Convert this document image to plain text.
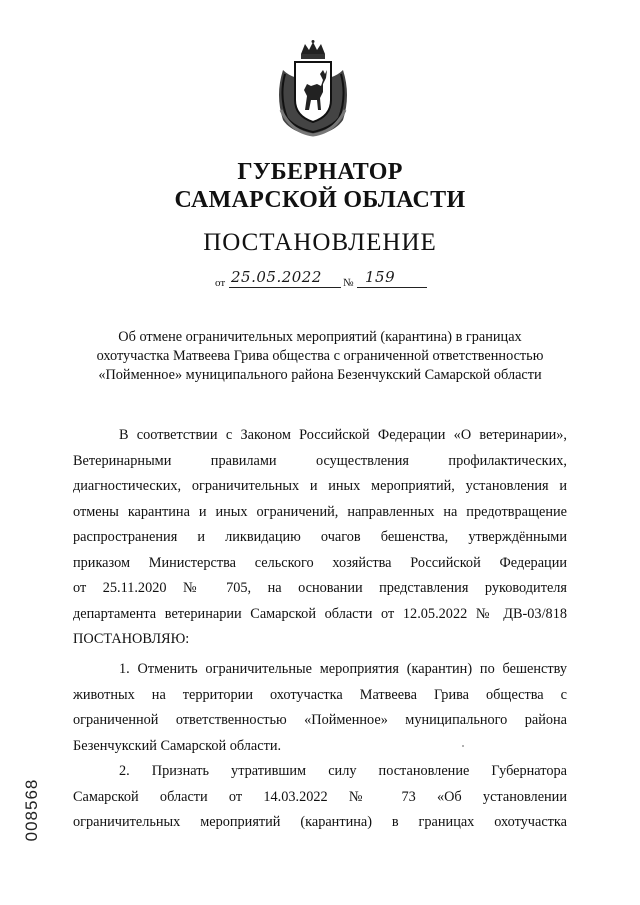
ГУБЕРНАТОР
САМАРСКОЙ ОБЛАСТИ
ПОСТАНОВЛЕНИЕ
от 25.05.2022 № 159
Об отмене ограничительных мероприятий (карантина) в границах
охотучастка Матвеева Грива общества с ограниченной ответственностью
«Пойменное» муниципального района Безенчукский Самарской области
В соответствии с Законом Российской Федерации «О ветеринарии»,
Ветеринарными правилами осуществления профилактических,
диагностических, ограничительных и иных мероприятий, установления и
отмены карантина и иных ограничений, направленных на предотвращение
распространения и ликвидацию очагов бешенства, утверждёнными
приказом Министерства сельского хозяйства Российской Федерации
от 25.11.2020 № 705, на основании представления руководителя
департамента ветеринарии Самарской области от 12.05.2022 № ДВ-03/818
ПОСТАНОВЛЯЮ:
1. Отменить ограничительные мероприятия (карантин) по бешенству
животных на территории охотучастка Матвеева Грива общества с
ограниченной ответственностью «Пойменное» муниципального района
Безенчукский Самарской области.
2. Признать утратившим силу постановление Губернатора
Самарской области от 14.03.2022 № 73 «Об установлении
ограничительных мероприятий (карантина) в границах охотучастка
008568
